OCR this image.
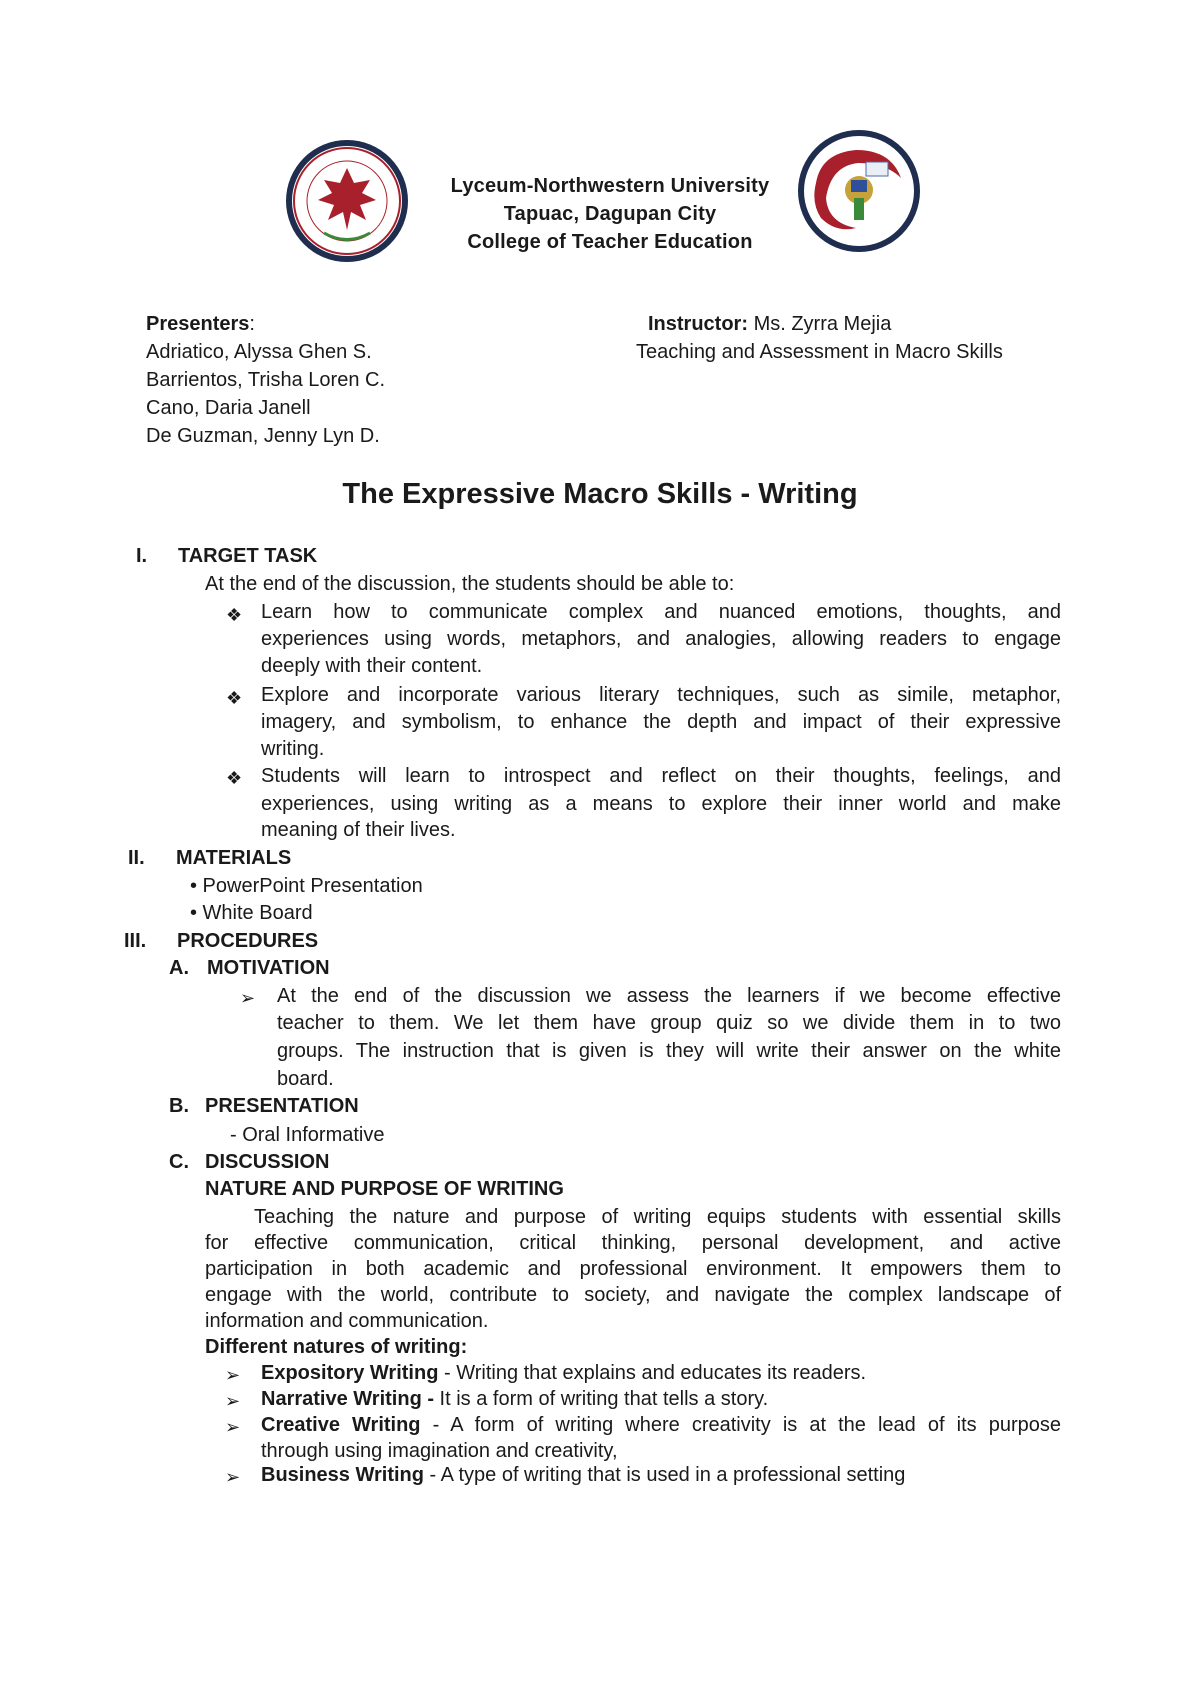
Lyceum-Northwestern University
Tapuac, Dagupan City
College of Teacher Education
Presenters:
Adriatico, Alyssa Ghen S.
Barrientos, Trisha Loren C.
Cano, Daria Janell
De Guzman, Jenny Lyn D.
Instructor: Ms. Zyrra Mejia
Teaching and Assessment in Macro Skills
The Expressive Macro Skills - Writing
I. TARGET TASK
At the end of the discussion, the students should be able to:
❖ Learn how to communicate complex and nuanced emotions, thoughts, and
experiences using words, metaphors, and analogies, allowing readers to engage
deeply with their content.
❖ Explore and incorporate various literary techniques, such as simile, metaphor,
imagery, and symbolism, to enhance the depth and impact of their expressive
writing.
❖ Students will learn to introspect and reflect on their thoughts, feelings, and
experiences, using writing as a means to explore their inner world and make
meaning of their lives.
II. MATERIALS
• PowerPoint Presentation
• White Board
III. PROCEDURES
A. MOTIVATION
➢ At the end of the discussion we assess the learners if we become effective
teacher to them. We let them have group quiz so we divide them in to two
groups. The instruction that is given is they will write their answer on the white
board.
B. PRESENTATION
- Oral Informative
C. DISCUSSION
NATURE AND PURPOSE OF WRITING
Teaching the nature and purpose of writing equips students with essential skills
for effective communication, critical thinking, personal development, and active
participation in both academic and professional environment. It empowers them to
engage with the world, contribute to society, and navigate the complex landscape of
information and communication.
Different natures of writing:
➢ Expository Writing - Writing that explains and educates its readers.
➢ Narrative Writing - It is a form of writing that tells a story.
➢ Creative Writing - A form of writing where creativity is at the lead of its purpose
through using imagination and creativity,
➢ Business Writing - A type of writing that is used in a professional setting
